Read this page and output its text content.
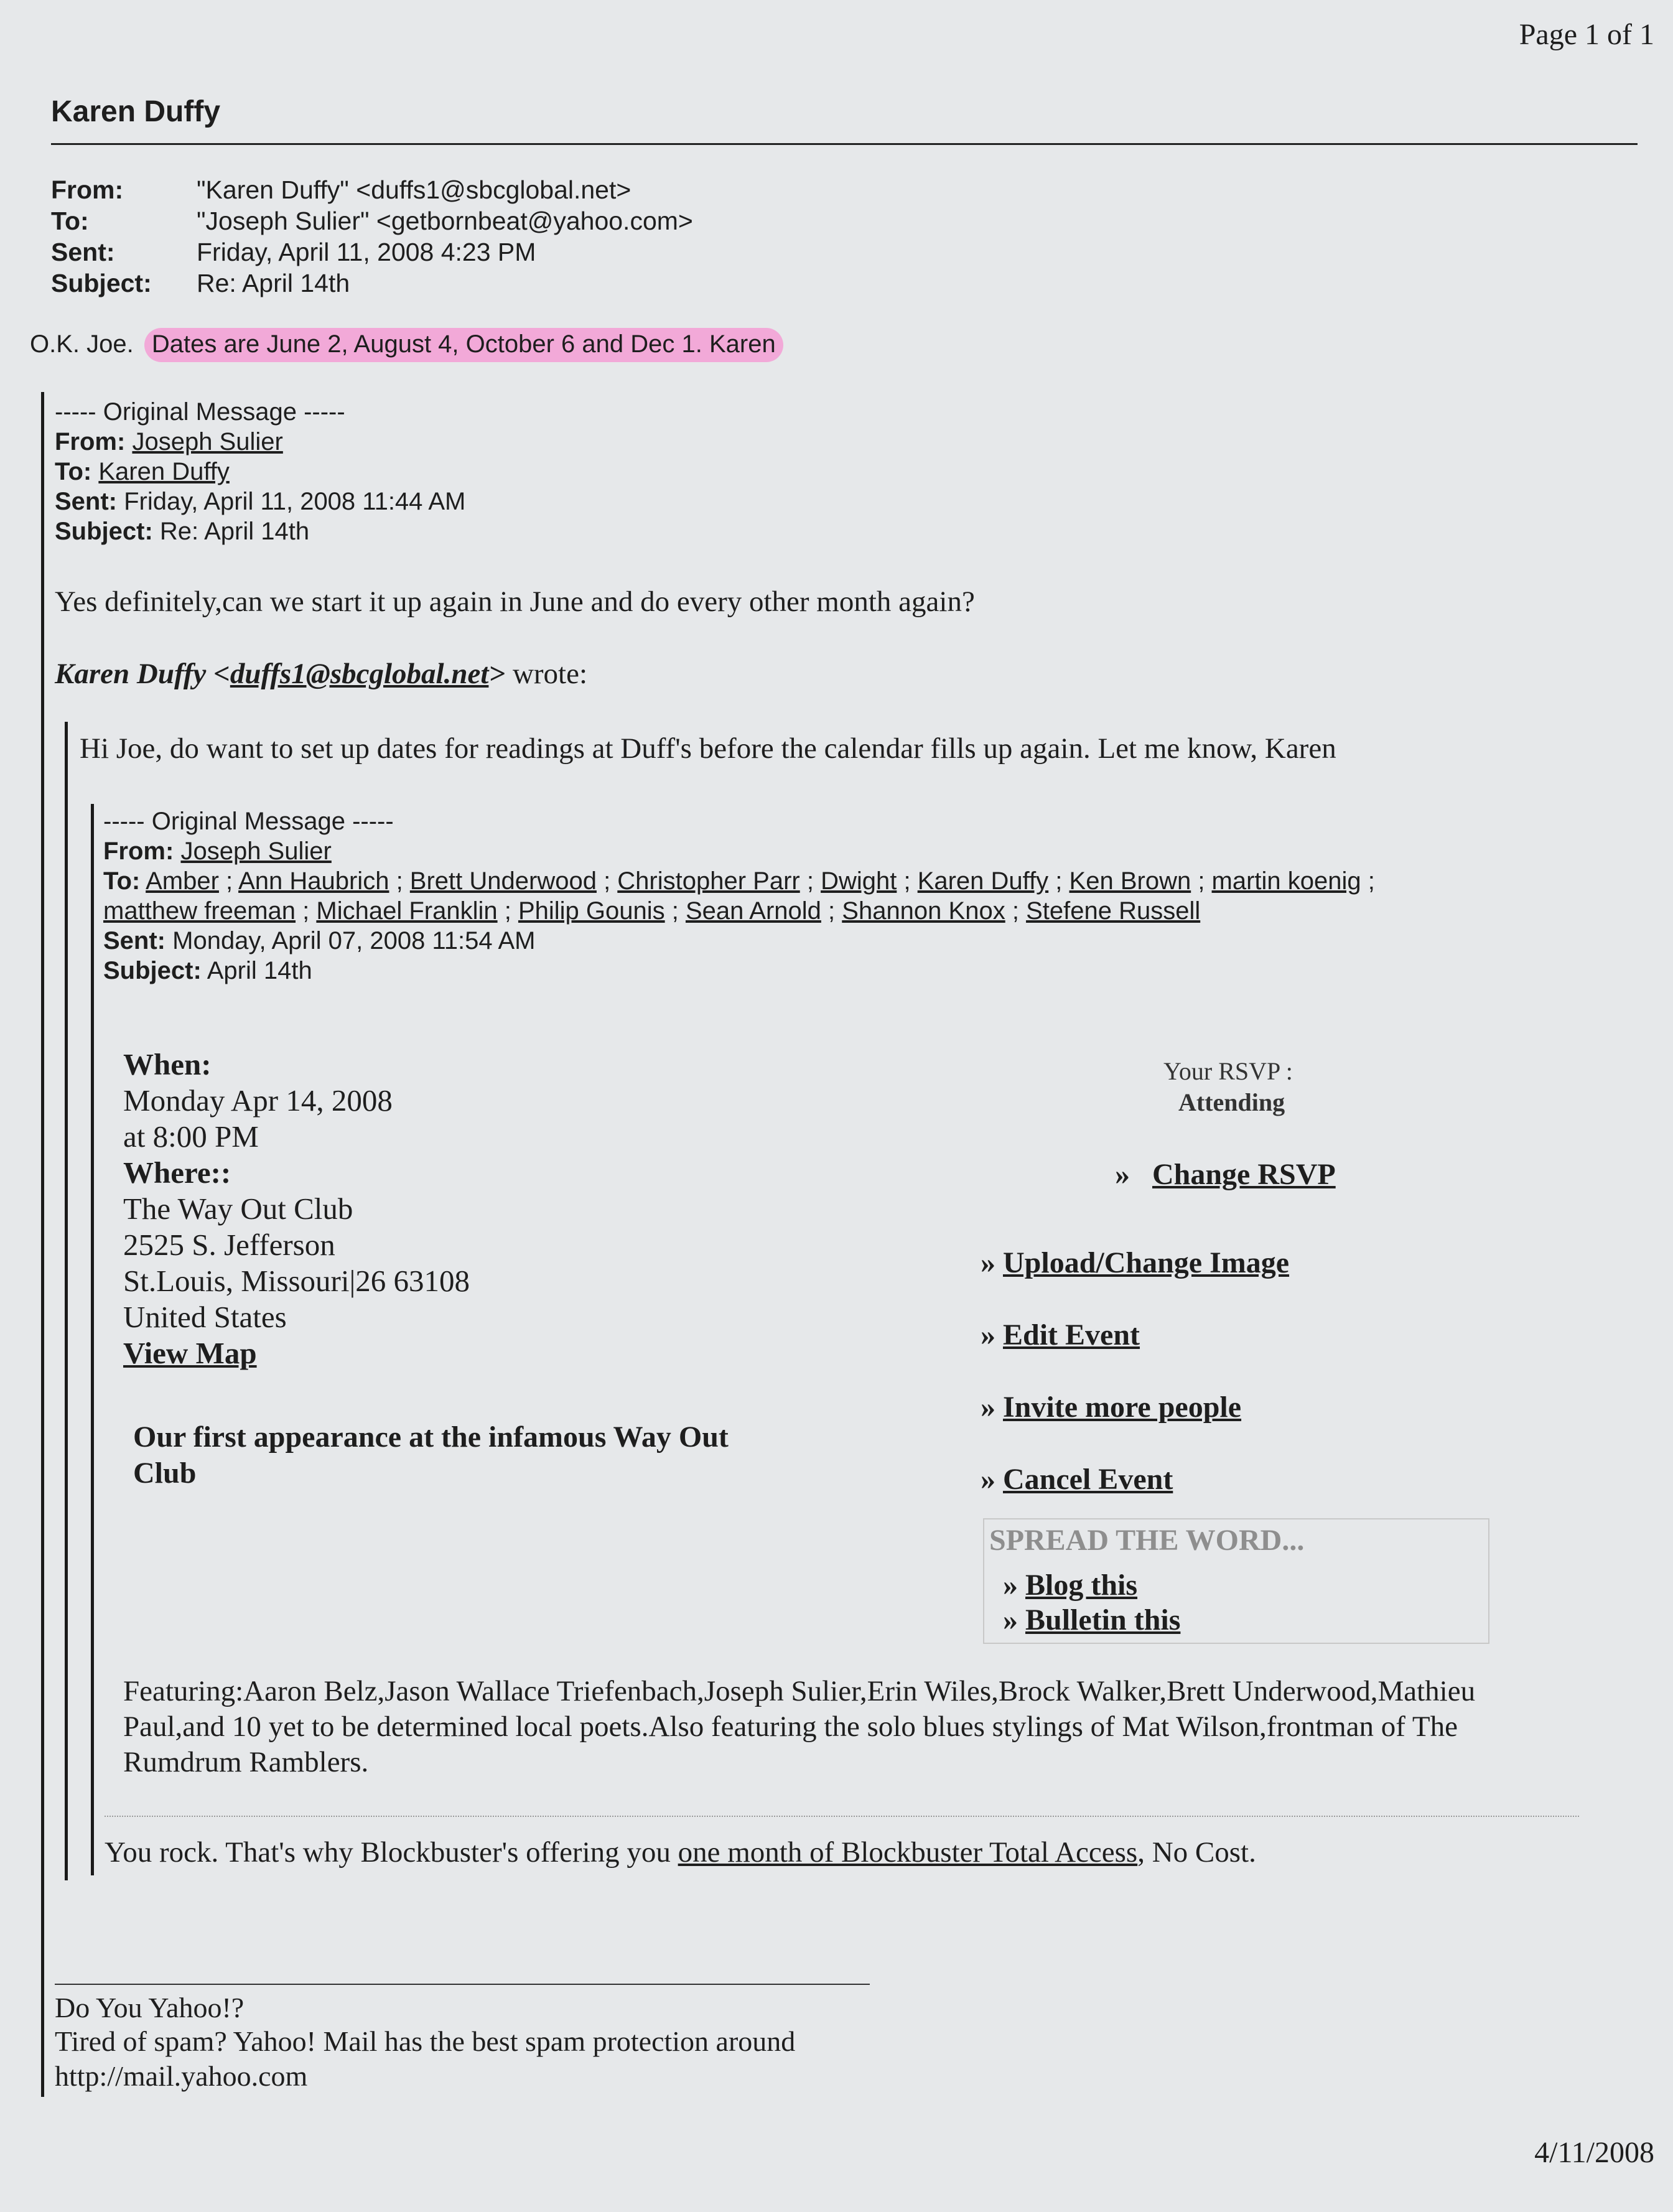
Page 1 of 1
Karen Duffy
From:	"Karen Duffy" <duffs1@sbcglobal.net>
To:	"Joseph Sulier" <getbornbeat@yahoo.com>
Sent:	Friday, April 11, 2008 4:23 PM
Subject: Re: April 14th
O.K. Joe. Dates are June 2, August 4, October 6 and Dec 1. Karen
----- Original Message -----
From: Joseph Sulier
To: Karen Duffy
Sent: Friday, April 11, 2008 11:44 AM
Subject: Re: April 14th
Yes definitely,can we start it up again in June and do every other month again?
Karen Duffy <duffs1@sbcglobal.net> wrote:
Hi Joe, do want to set up dates for readings at Duff's before the calendar fills up again. Let me know, Karen
----- Original Message -----
From: Joseph Sulier
To: Amber ; Ann Haubrich ; Brett Underwood ; Christopher Parr ; Dwight ; Karen Duffy ; Ken Brown ; martin koenig ;
matthew freeman ; Michael Franklin ; Philip Gounis ; Sean Arnold ; Shannon Knox ; Stefene Russell
Sent: Monday, April 07, 2008 11:54 AM
Subject: April 14th
When:
Monday Apr 14, 2008
at 8:00 PM
Where::
The Way Out Club
2525 S. Jefferson
St.Louis, Missouri|26 63108
United States
View Map
Our first appearance at the infamous Way Out
Club
Your RSVP :
Attending
» Change RSVP
» Upload/Change Image
» Edit Event
» Invite more people
» Cancel Event
SPREAD THE WORD...
» Blog this
» Bulletin this
Featuring:Aaron Belz,Jason Wallace Triefenbach,Joseph Sulier,Erin Wiles,Brock Walker,Brett Underwood,Mathieu
Paul,and 10 yet to be determined local poets.Also featuring the solo blues stylings of Mat Wilson,frontman of The
Rumdrum Ramblers.
You rock. That's why Blockbuster's offering you one month of Blockbuster Total Access, No Cost.
Do You Yahoo!?
Tired of spam? Yahoo! Mail has the best spam protection around
http://mail.yahoo.com
4/11/2008
